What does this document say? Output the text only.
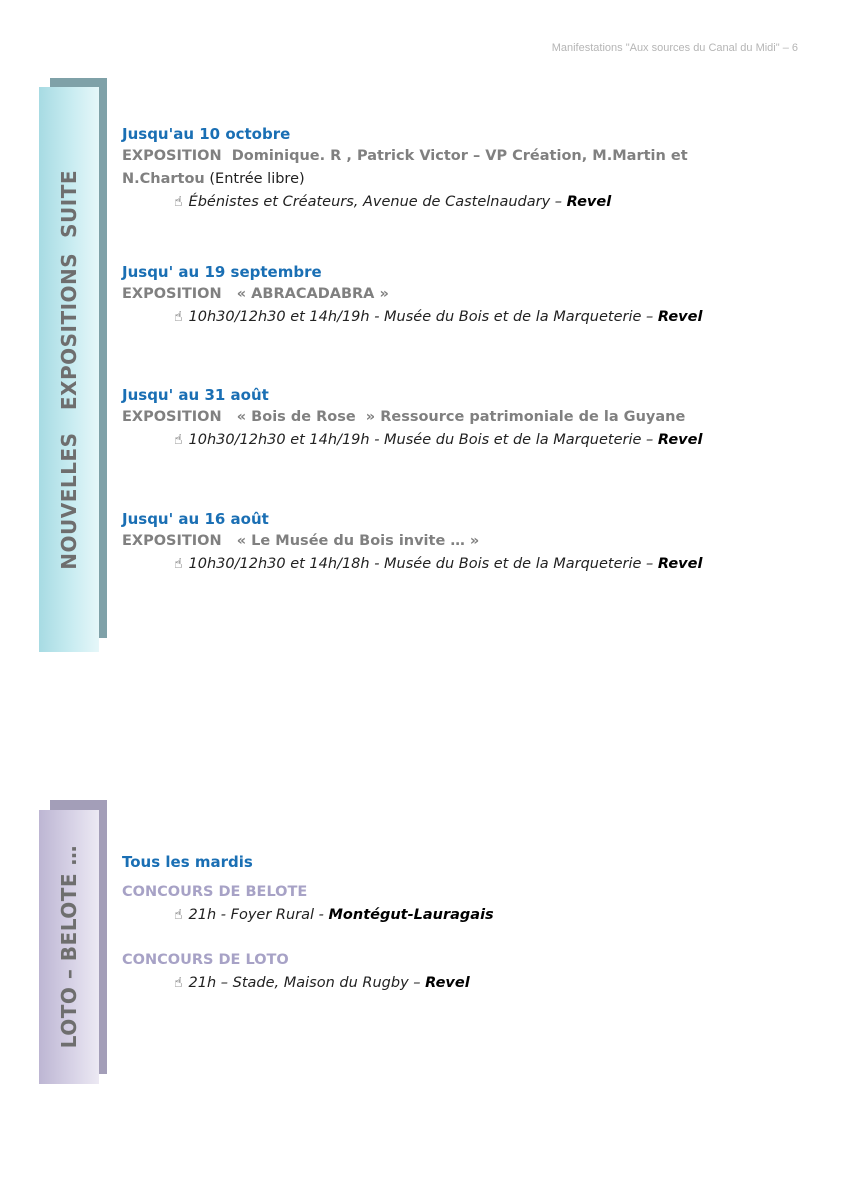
Manifestations "Aux sources du Canal du Midi" – 6
NOUVELLES   EXPOSITIONS  SUITE
Jusqu'au 10 octobre
EXPOSITION  Dominique. R , Patrick Victor – VP Création, M.Martin et
N.Chartou (Entrée libre)
☝ Ébénistes et Créateurs, Avenue de Castelnaudary – Revel
Jusqu' au 19 septembre
EXPOSITION   « ABRACADABRA »
☝ 10h30/12h30 et 14h/19h - Musée du Bois et de la Marqueterie – Revel
Jusqu' au 31 août
EXPOSITION   « Bois de Rose  » Ressource patrimoniale de la Guyane
☝ 10h30/12h30 et 14h/19h - Musée du Bois et de la Marqueterie – Revel
Jusqu' au 16 août
EXPOSITION   « Le Musée du Bois invite … »
☝ 10h30/12h30 et 14h/18h - Musée du Bois et de la Marqueterie – Revel
LOTO – BELOTE …	Tous les mardis
CONCOURS DE BELOTE
☝ 21h - Foyer Rural - Montégut-Lauragais
CONCOURS DE LOTO
☝ 21h – Stade, Maison du Rugby – Revel
